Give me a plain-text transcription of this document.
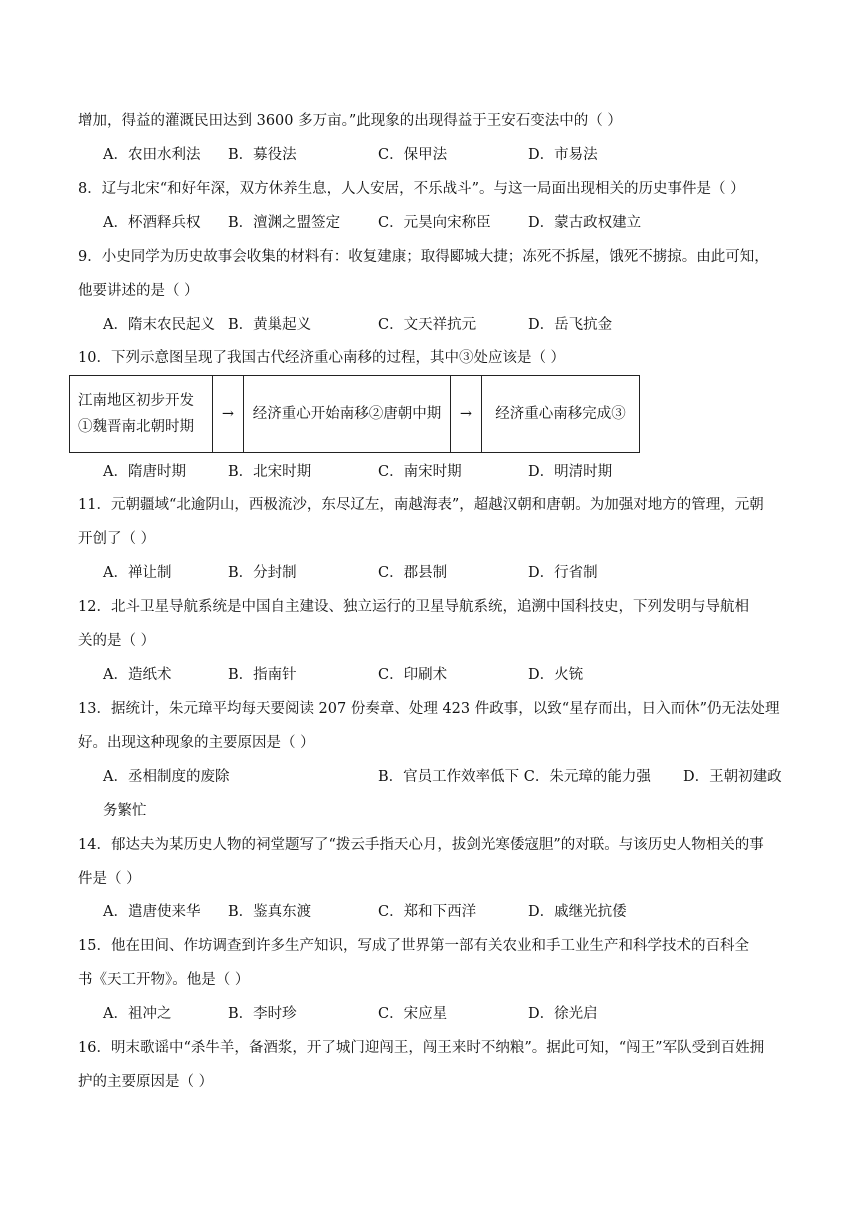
增加，得益的灌溉民田达到 3600 多万亩。”此现象的出现得益于王安石变法中的（ ）
A．农田水利法 B．募役法	C．保甲法	D．市易法
8．辽与北宋“和好年深，双方休养生息，人人安居，不乐战斗”。与这一局面出现相关的历史事件是（ ）
A．杯酒释兵权 B．澶渊之盟签定	C．元昊向宋称臣	D．蒙古政权建立
9．小史同学为历史故事会收集的材料有：收复建康；取得郾城大捷；冻死不拆屋，饿死不掳掠。由此可知，
他要讲述的是（ ）
A．隋末农民起义 B．黄巢起义	C．文天祥抗元	D．岳飞抗金
10．下列示意图呈现了我国古代经济重心南移的过程，其中③处应该是（ ）
江南地区初步开发
①魏晋南北朝时期
	→	经济重心开始南移②唐朝中期	→	经济重心南移完成③
A．隋唐时期	B．北宋时期	C．南宋时期	D．明清时期
11．元朝疆域“北逾阴山，西极流沙，东尽辽左，南越海表”，超越汉朝和唐朝。为加强对地方的管理，元朝
开创了（ ）
A．禅让制	B．分封制	C．郡县制	D．行省制
12．北斗卫星导航系统是中国自主建设、独立运行的卫星导航系统，追溯中国科技史，下列发明与导航相
关的是（ ）
A．造纸术	B．指南针	C．印刷术	D．火铳
13．据统计，朱元璋平均每天要阅读 207 份奏章、处理 423 件政事，以致“星存而出，日入而休”仍无法处理
好。出现这种现象的主要原因是（ ）
A．丞相制度的废除	B．官员工作效率低下 C．朱元璋的能力强 D．王朝初建政
务繁忙
14．郁达夫为某历史人物的祠堂题写了“拨云手指天心月，拔剑光寒倭寇胆”的对联。与该历史人物相关的事
件是（ ）
A．遣唐使来华 B．鉴真东渡	C．郑和下西洋	D．戚继光抗倭
15．他在田间、作坊调查到许多生产知识，写成了世界第一部有关农业和手工业生产和科学技术的百科全
书《天工开物》。他是（ ）
A．祖冲之	B．李时珍	C．宋应星	D．徐光启
16．明末歌谣中“杀牛羊，备酒浆，开了城门迎闯王，闯王来时不纳粮”。据此可知，“闯王”军队受到百姓拥
护的主要原因是（ ）
